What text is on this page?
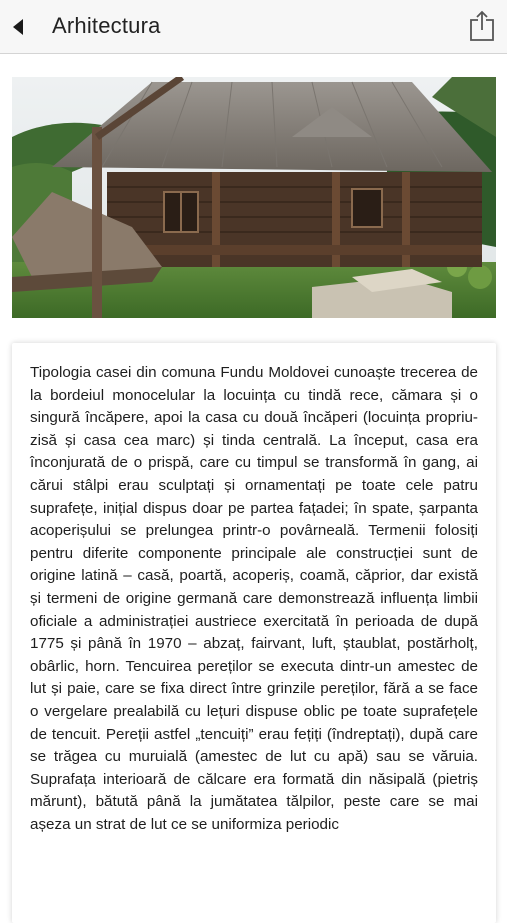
Arhitectura

Tipologia casei din comuna Fundu Moldovei cunoaște trecerea de la bordeiul monocelular la locuința cu tindă rece, cămara și o singură încăpere, apoi la casa cu două încăperi (locuința propriu-zisă și casa cea marc) și tinda centrală. La început, casa era înconjurată de o prispă, care cu timpul se transformă în gang, ai cărui stâlpi erau sculptați și ornamentați pe toate cele patru suprafețe, inițial dispus doar pe partea fațadei; în spate, șarpanta acoperișului se prelungea printr-o povârneală. Termenii folosiți pentru diferite componente principale ale construcției sunt de origine latină – casă, poartă, acoperiș, coamă, căprior, dar există și termeni de origine germană care demonstrează influența limbii oficiale a administrației austriece exercitată în perioada de după 1775 și până în 1970 – abzaț, fairvant, luft, ștaublat, postărholț, obârlic, horn. Tencuirea pereților se executa dintr-un amestec de lut și paie, care se fixa direct între grinzile pereților, fără a se face o vergelare prealabilă cu lețuri dispuse oblic pe toate suprafețele de tencuit. Pereții astfel „tencuiți” erau fețiți (îndreptați), după care se trăgea cu muruială (amestec de lut cu apă) sau se văruia. Suprafața interioară de călcare era formată din năsipală (pietriș mărunt), bătută până la jumătatea tălpilor, peste care se mai așeza un strat de lut ce se uniformiza periodic
